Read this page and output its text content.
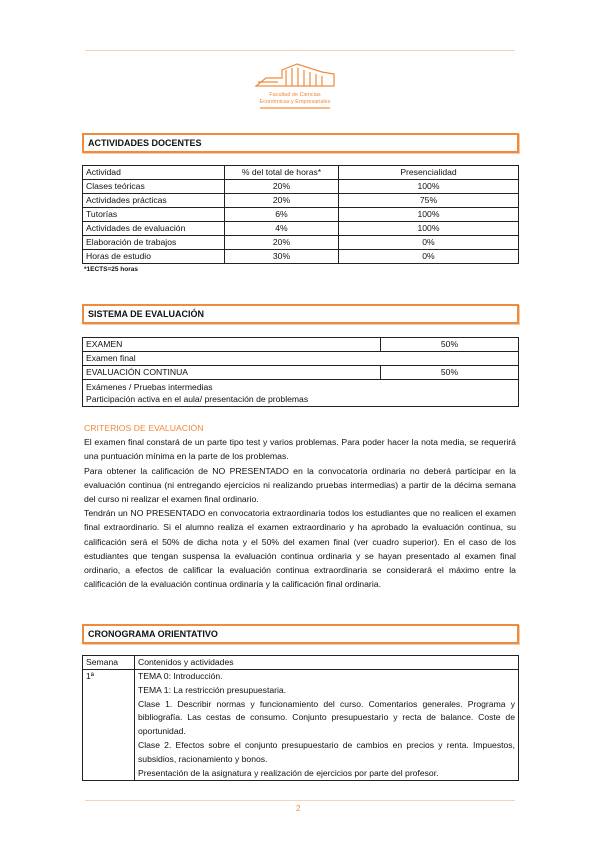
Facultad de Ciencias
Económicas y Empresariales
ACTIVIDADES DOCENTES
Actividad	% del total de horas*	Presencialidad
Clases teóricas	20%	100%
Actividades prácticas	20%	75%
Tutorías	6%	100%
Actividades de evaluación	4%	100%
Elaboración de trabajos	20%	0%
Horas de estudio	30%	0%
*1ECTS=25 horas
SISTEMA DE EVALUACIÓN
EXAMEN	50%
Examen final	
EVALUACIÓN CONTINUA	50%

Exámenes / Pruebas intermedias
Participación activa en el aula/ presentación de problemas	
CRITERIOS DE EVALUACIÓN

El examen final constará de un parte tipo test y varios problemas. Para poder hacer la nota media, se requerirá una puntuación mínima en la parte de los problemas.

Para obtener la calificación de NO PRESENTADO en la convocatoria ordinaria no deberá participar en la evaluación continua (ni entregando ejercicios ni realizando pruebas intermedias) a partir de la décima semana del curso ni realizar el examen final ordinario.

Tendrán un NO PRESENTADO en convocatoria extraordinaria todos los estudiantes que no realicen el examen final extraordinario. Si el alumno realiza el examen extraordinario y ha aprobado la evaluación continua, su calificación será el 50% de dicha nota y el 50% del examen final (ver cuadro superior). En el caso de los estudiantes que tengan suspensa la evaluación continua ordinaria y se hayan presentado al examen final ordinario, a efectos de calificar la evaluación continua extraordinaria se considerará el máximo entre la calificación de la evaluación continua ordinaria y la calificación final ordinaria.

CRONOGRAMA ORIENTATIVO
Semana	Contenidos y actividades
1ª	TEMA 0: Introducción.
TEMA 1: La restricción presupuestaria.
Clase 1. Describir normas y funcionamiento del curso. Comentarios generales. Programa y bibliografía. Las cestas de consumo. Conjunto presupuestario y recta de balance. Coste de oportunidad.
Clase 2. Efectos sobre el conjunto presupuestario de cambios en precios y renta. Impuestos, subsidios, racionamiento y bonos.
Presentación de la asignatura y realización de ejercicios por parte del profesor.
2
